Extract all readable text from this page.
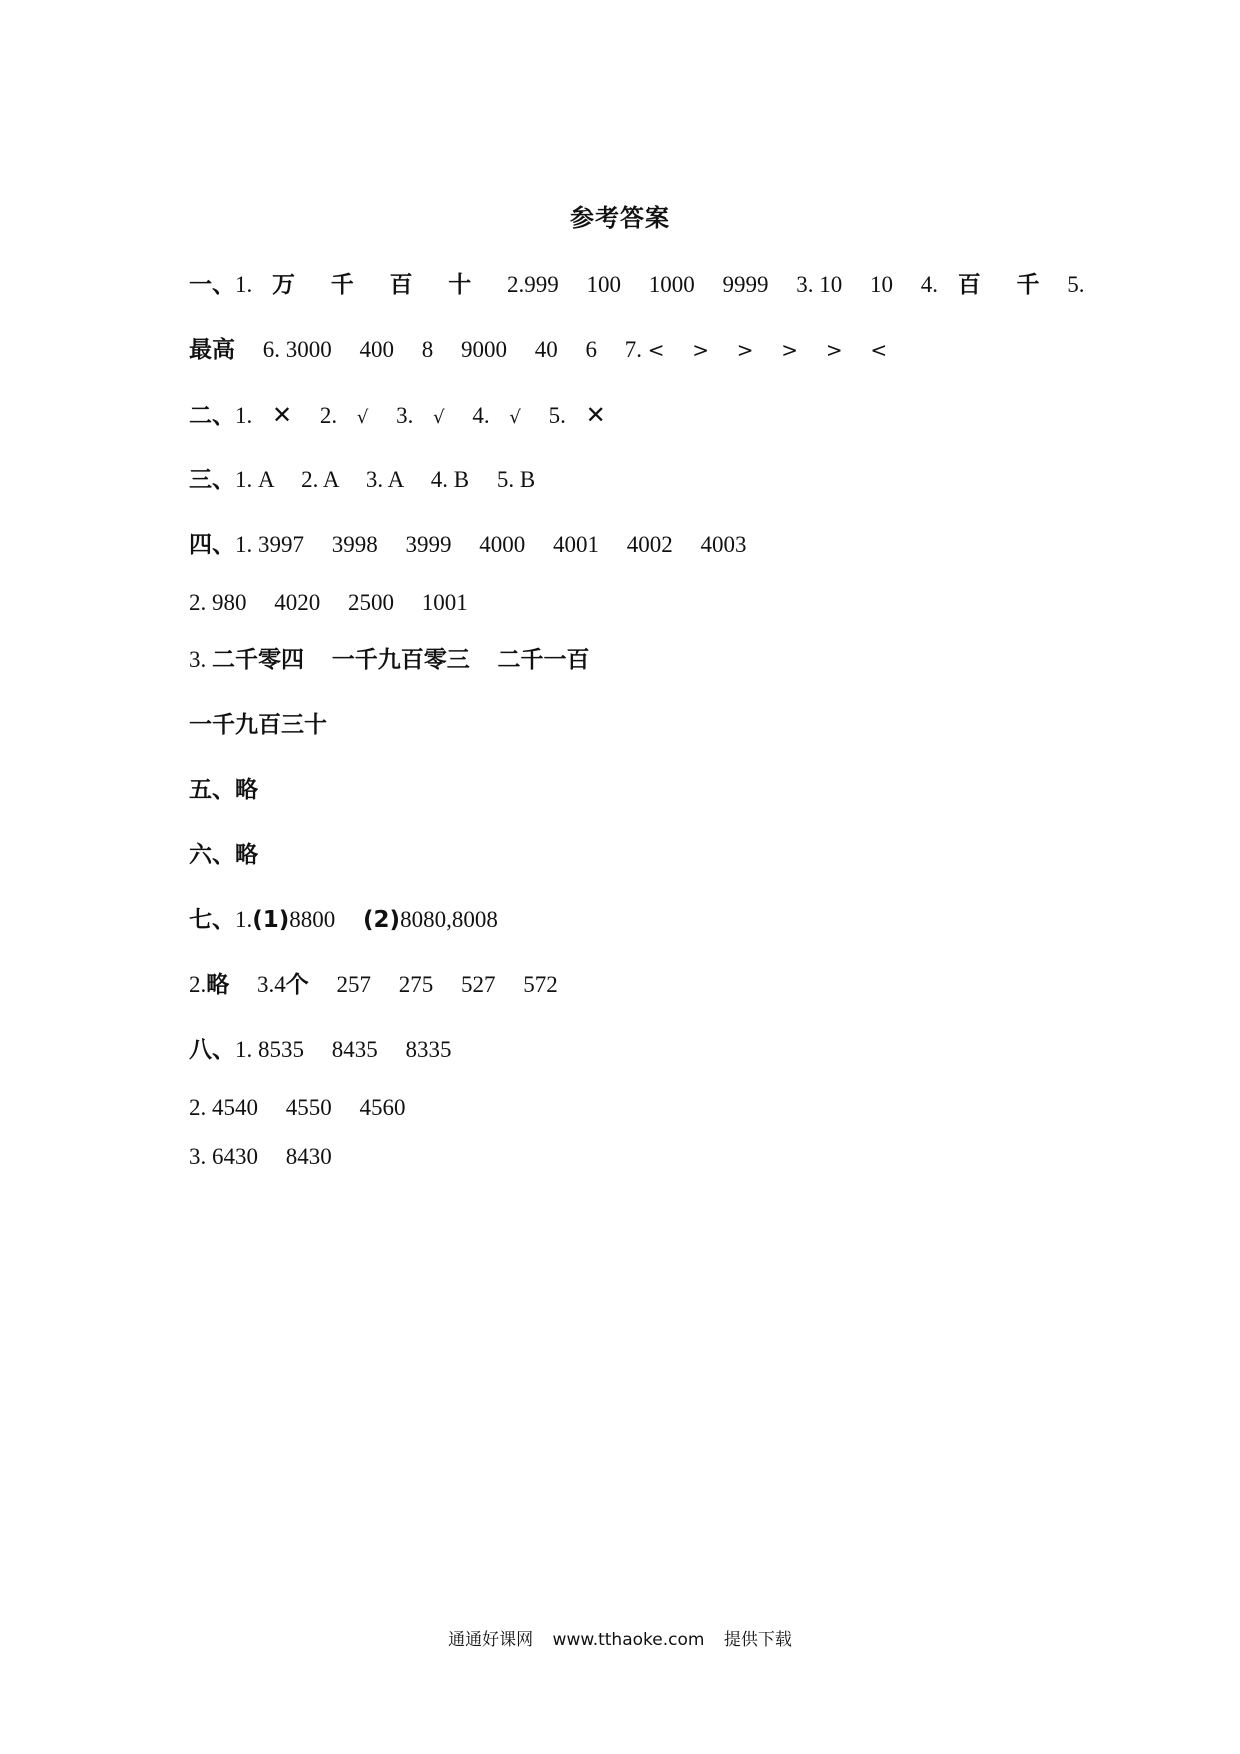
参考答案
一、1. 万 千 百 十 2.999 100 1000 9999 3. 10 10 4. 百 千 5.
最高 6. 3000 400 8 9000 40 6 7. < > > > > <
二、1. ✕ 2. √ 3. √ 4. √ 5. ✕
三、1. A 2. A 3. A 4. B 5. B
四、1. 3997 3998 3999 4000 4001 4002 4003
2. 980 4020 2500 1001
3. 二千零四 一千九百零三 二千一百
一千九百三十
五、略
六、略
七、1.(1)8800 (2)8080,8008
2.略 3.4个 257 275 527 572
八、1. 8535 8435 8335
2. 4540 4550 4560
3. 6430 8430
通通好课网 www.tthaoke.com 提供下载
